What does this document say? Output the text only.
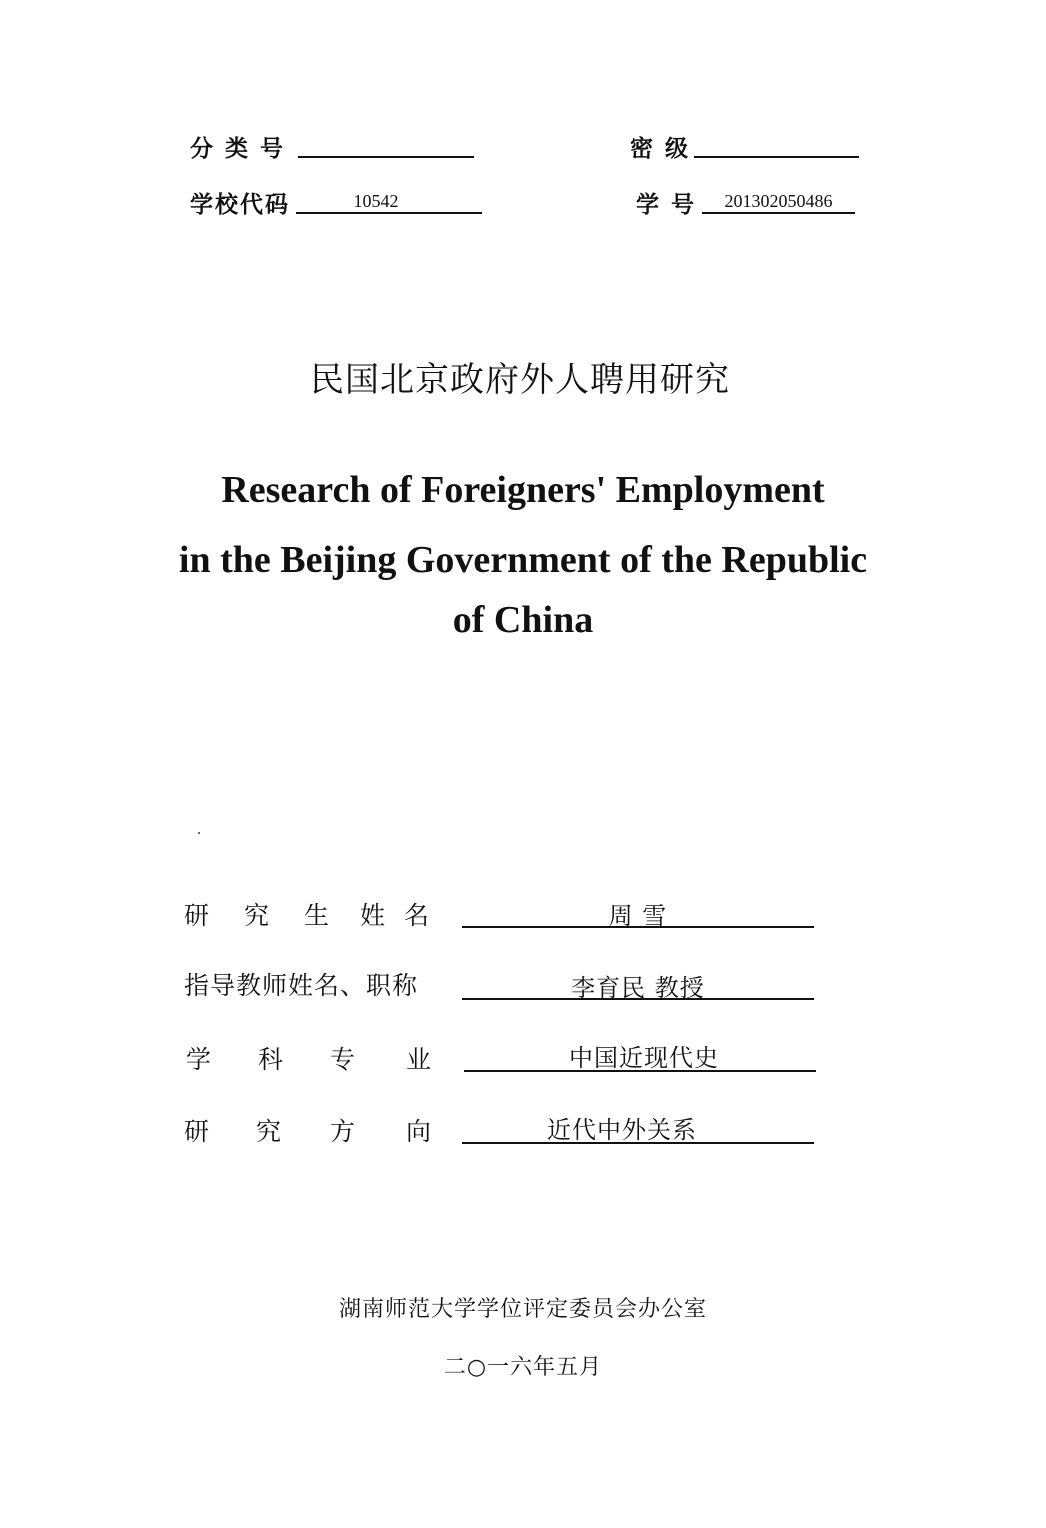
分 类 号	密 级
学校代码	10542	学 号	201302050486
民国北京政府外人聘用研究
Research of Foreigners' Employment
in the Beijing Government of the Republic
of China
研 究 生 姓 名	周 雪
指导教师姓名、职称	李育民 教授
学 科 专 业	中国近现代史
研 究 方 向	近代中外关系
湖南师范大学学位评定委员会办公室
二○一六年五月
